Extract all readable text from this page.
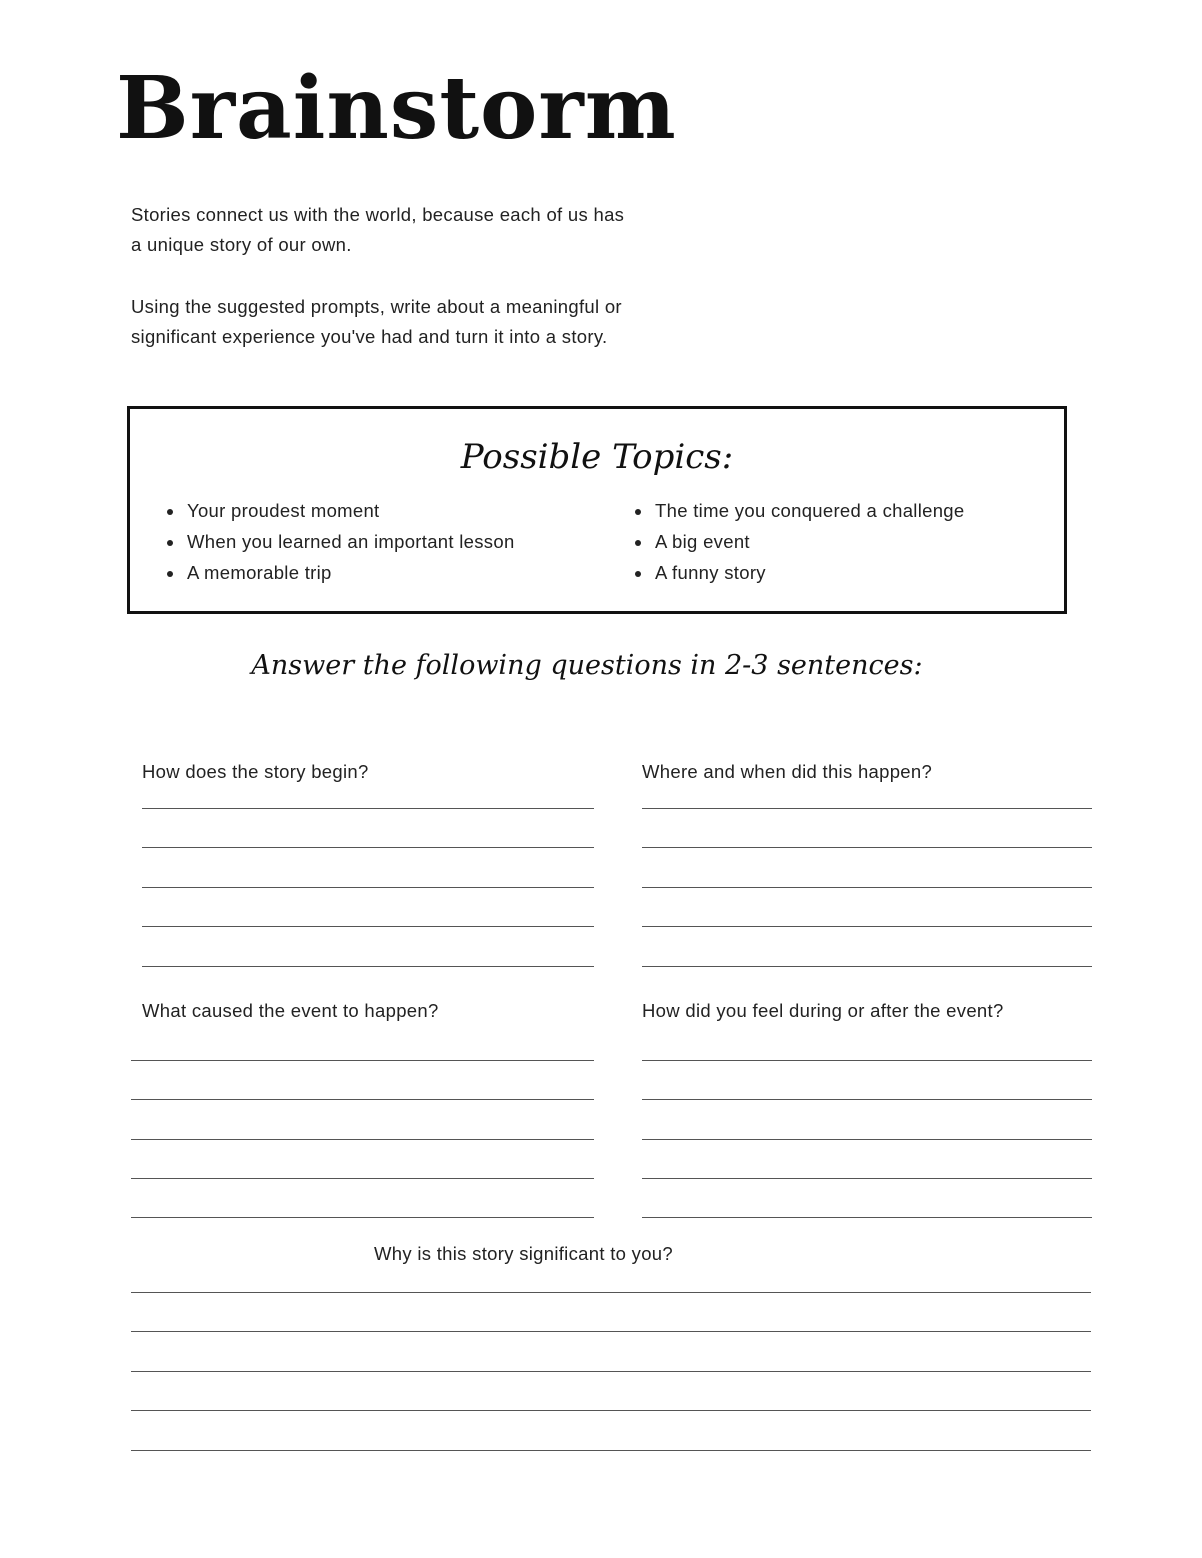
Brainstorm

Stories connect us with the world, because each of us has
a unique story of our own.

Using the suggested prompts, write about a meaningful or
significant experience you've had and turn it into a story.

Possible Topics:

• Your proudest moment
• When you learned an important lesson
• A memorable trip
• The time you conquered a challenge
• A big event
• A funny story

Answer the following questions in 2-3 sentences:

How does the story begin?	Where and when did this happen?

What caused the event to happen?	How did you feel during or after the event?

Why is this story significant to you?
